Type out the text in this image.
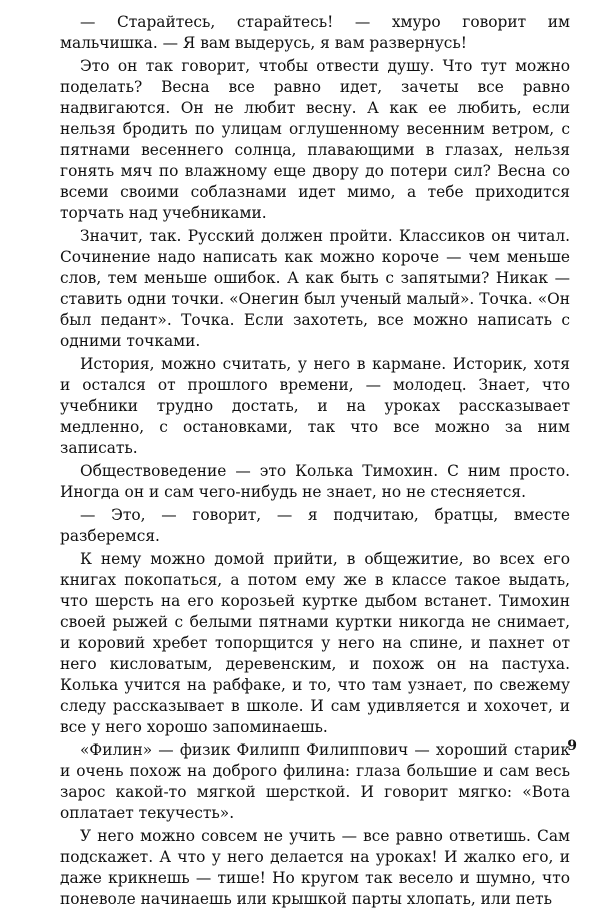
— Старайтесь, старайтесь! — хмуро говорит им мальчишка. — Я вам выдерусь, я вам развернусь!

Это он так говорит, чтобы отвести душу. Что тут можно поделать? Весна все равно идет, зачеты все равно надвигаются. Он не любит весну. А как ее любить, если нельзя бродить по улицам оглушенному весенним ветром, с пятнами весеннего солнца, плавающими в глазах, нельзя гонять мяч по влажному еще двору до потери сил? Весна со всеми своими соблазнами идет мимо, а тебе приходится торчать над учебниками.

Значит, так. Русский должен пройти. Классиков он читал. Сочинение надо написать как можно короче — чем меньше слов, тем меньше ошибок. А как быть с запятыми? Никак — ставить одни точки. «Онегин был ученый малый». Точка. «Он был педант». Точка. Если захотеть, все можно написать с одними точками.

История, можно считать, у него в кармане. Историк, хотя и остался от прошлого времени, — молодец. Знает, что учебники трудно достать, и на уроках рассказывает медленно, с остановками, так что все можно за ним записать.

Обществоведение — это Колька Тимохин. С ним просто. Иногда он и сам чего-нибудь не знает, но не стесняется.

— Это, — говорит, — я подчитаю, братцы, вместе разберемся.

К нему можно домой прийти, в общежитие, во всех его книгах покопаться, а потом ему же в классе такое выдать, что шерсть на его корозьей куртке дыбом встанет. Тимохин своей рыжей с белыми пятнами куртки никогда не снимает, и коровий хребет топорщится у него на спине, и пахнет от него кисловатым, деревенским, и похож он на пастуха. Колька учится на рабфаке, и то, что там узнает, по свежему следу рассказывает в школе. И сам удивляется и хохочет, и все у него хорошо запоминаешь.

«Филин» — физик Филипп Филиппович — хороший старик и очень похож на доброго филина: глаза большие и сам весь зарос какой-то мягкой шерсткой. И говорит мягко: «Вота оплатает текучесть».

У него можно совсем не учить — все равно ответишь. Сам подскажет. А что у него делается на уроках! И жалко его, и даже крикнешь — тише! Но кругом так весело и шумно, что поневоле начинаешь или крышкой парты хлопать, или петь

9
